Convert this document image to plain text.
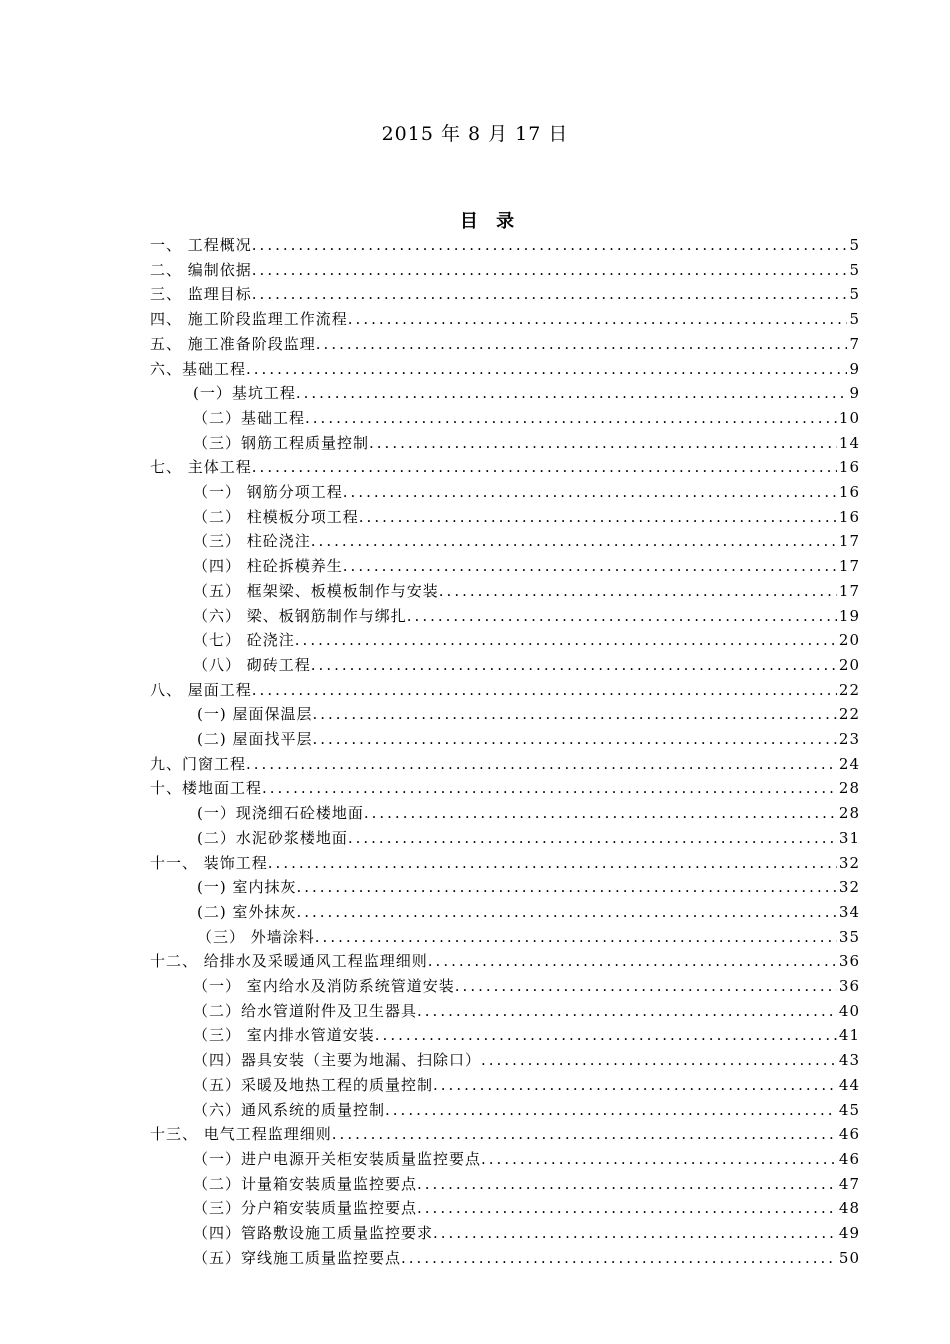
2015 年 8 月 17 日
目 录
一、 工程概况 .....	5
二、 编制依据 .....	5
三、 监理目标 .....	5
四、 施工阶段监理工作流程 .....	5
五、 施工准备阶段监理 .....	7
六、基础工程 .....	9
(一）基坑工程 .....	9
（二）基础工程 .....	10
（三）钢筋工程质量控制 .....	14
七、 主体工程 .....	16
（一） 钢筋分项工程 .....	16
（二） 柱模板分项工程 .....	16
（三） 柱砼浇注 .....	17
（四） 柱砼拆模养生 .....	17
（五） 框架梁、板模板制作与安装 .....	17
（六） 梁、板钢筋制作与绑扎 .....	19
（七） 砼浇注 .....	20
（八） 砌砖工程 .....	20
八、 屋面工程 .....	22
(一) 屋面保温层 .....	22
(二) 屋面找平层 .....	23
九、门窗工程 .....	24
十、楼地面工程 .....	28
(一）现浇细石砼楼地面 .....	28
(二）水泥砂浆楼地面 .....	31
十一、 装饰工程 .....	32
(一) 室内抹灰 .....	32
(二) 室外抹灰 .....	34
（三） 外墙涂料 .....	35
十二、 给排水及采暖通风工程监理细则 .....	36
（一） 室内给水及消防系统管道安装 .....	36
（二）给水管道附件及卫生器具 .....	40
（三） 室内排水管道安装 .....	41
（四）器具安装（主要为地漏、扫除口） .....	43
（五）采暖及地热工程的质量控制 .....	44
（六）通风系统的质量控制 .....	45
十三、 电气工程监理细则 .....	46
（一）进户电源开关柜安装质量监控要点 .....	46
（二）计量箱安装质量监控要点 .....	47
（三）分户箱安装质量监控要点 .....	48
（四）管路敷设施工质量监控要求 .....	49
（五）穿线施工质量监控要点 .....	50
